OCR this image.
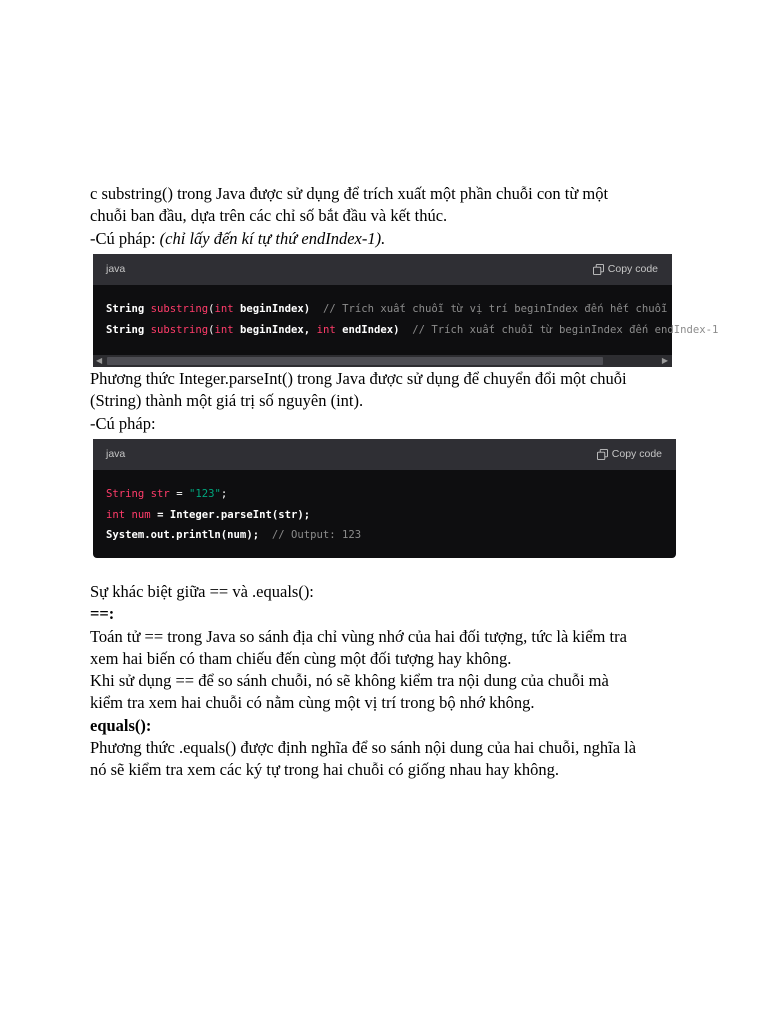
c substring() trong Java được sử dụng để trích xuất một phần chuỗi con từ một

chuỗi ban đầu, dựa trên các chỉ số bắt đầu và kết thúc.

-Cú pháp: (chỉ lấy đến kí tự thứ endIndex-1).

java	Copy code
String substring(int beginIndex) // Trích xuất chuỗi từ vị trí beginIndex đến hết chuỗi
String substring(int beginIndex, int endIndex) // Trích xuất chuỗi từ beginIndex đến endIndex-1
◀	▶

Phương thức Integer.parseInt() trong Java được sử dụng để chuyển đổi một chuỗi

(String) thành một giá trị số nguyên (int).

-Cú pháp:

java	Copy code
String str = "123";
int num = Integer.parseInt(str);
System.out.println(num); // Output: 123

Sự khác biệt giữa == và .equals():

==:

Toán tử == trong Java so sánh địa chỉ vùng nhớ của hai đối tượng, tức là kiểm tra

xem hai biến có tham chiếu đến cùng một đối tượng hay không.

Khi sử dụng == để so sánh chuỗi, nó sẽ không kiểm tra nội dung của chuỗi mà

kiểm tra xem hai chuỗi có nằm cùng một vị trí trong bộ nhớ không.

equals():

Phương thức .equals() được định nghĩa để so sánh nội dung của hai chuỗi, nghĩa là

nó sẽ kiểm tra xem các ký tự trong hai chuỗi có giống nhau hay không.
